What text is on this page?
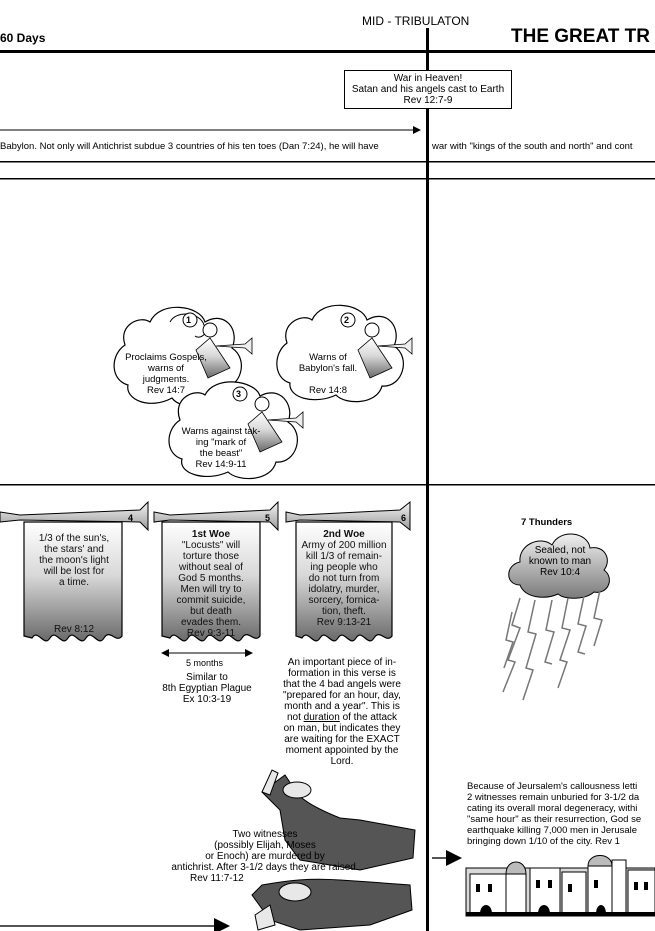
60 Days
MID - TRIBULATON
THE GREAT TR
War in Heaven!
Satan and his angels cast to Earth
Rev 12:7-9
Babylon. Not only will Antichrist subdue 3 countries of his ten toes (Dan 7:24), he will have	war with "kings of the south and north" and cont
1	2
3
Proclaims Gospels,
warns of
judgments.
Rev 14:7
Warns of
Babylon's fall.
Rev 14:8
Warns against tak-
ing "mark of
the beast"
Rev 14:9-11
4	5	6
1/3 of the sun's,
the stars' and
the moon's light
will be lost for
a time.
Rev 8:12
1st Woe
"Locusts" will
torture those
without seal of
God 5 months.
Men will try to
commit suicide,
but death
evades them.
Rev 9:3-11
2nd Woe
Army of 200 million
kill 1/3 of remain-
ing people who
do not turn from
idolatry, murder,
sorcery, fornica-
tion, theft.
Rev 9:13-21
5 months
Similar to
8th Egyptian Plague
Ex 10:3-19
An important piece of in-
formation in this verse is
that the 4 bad angels were
"prepared for an hour, day,
month and a year". This is
not duration of the attack
on man, but indicates they
are waiting for the EXACT
moment appointed by the
Lord.
7 Thunders
Sealed, not
known to man
Rev 10:4
Two witnesses
(possibly Elijah, Moses
or Enoch) are murdered by
antichrist. After 3-1/2 days they are raised.
Rev 11:7-12
Because of Jeursalem's callousness letti
2 witnesses remain unburied for 3-1/2 da
cating its overall moral degeneracy, withi
"same hour" as their resurrection, God se
earthquake killing 7,000 men in Jerusale
bringing down 1/10 of the city. Rev 1
